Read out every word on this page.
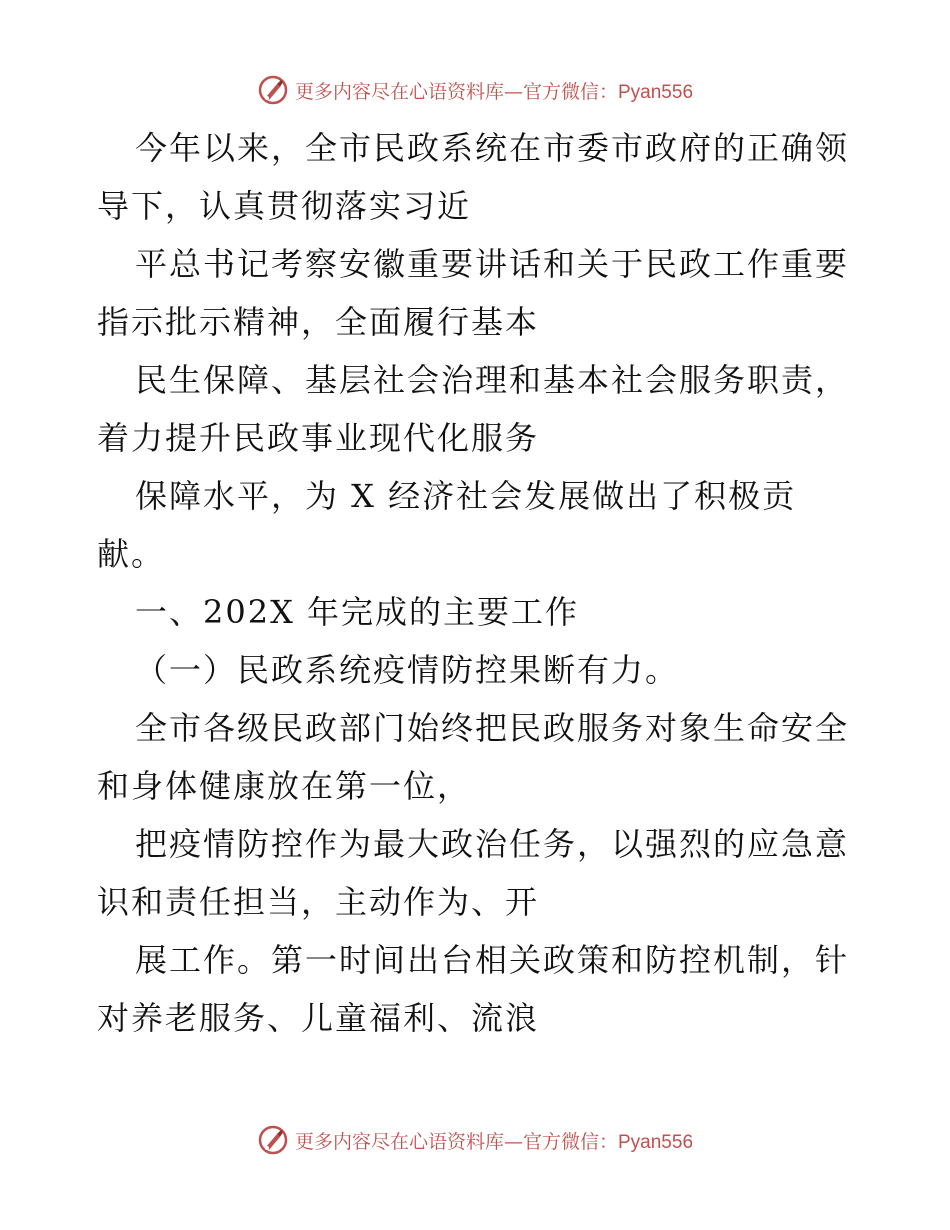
更多内容尽在心语资料库—官方微信：Pyan556
今年以来，全市民政系统在市委市政府的正确领
导下，认真贯彻落实习近
平总书记考察安徽重要讲话和关于民政工作重要
指示批示精神，全面履行基本
民生保障、基层社会治理和基本社会服务职责，
着力提升民政事业现代化服务
保障水平，为 X 经济社会发展做出了积极贡
献。
一、202X 年完成的主要工作
（一）民政系统疫情防控果断有力。
全市各级民政部门始终把民政服务对象生命安全
和身体健康放在第一位，
把疫情防控作为最大政治任务，以强烈的应急意
识和责任担当，主动作为、开
展工作。第一时间出台相关政策和防控机制，针
对养老服务、儿童福利、流浪
更多内容尽在心语资料库—官方微信：Pyan556
